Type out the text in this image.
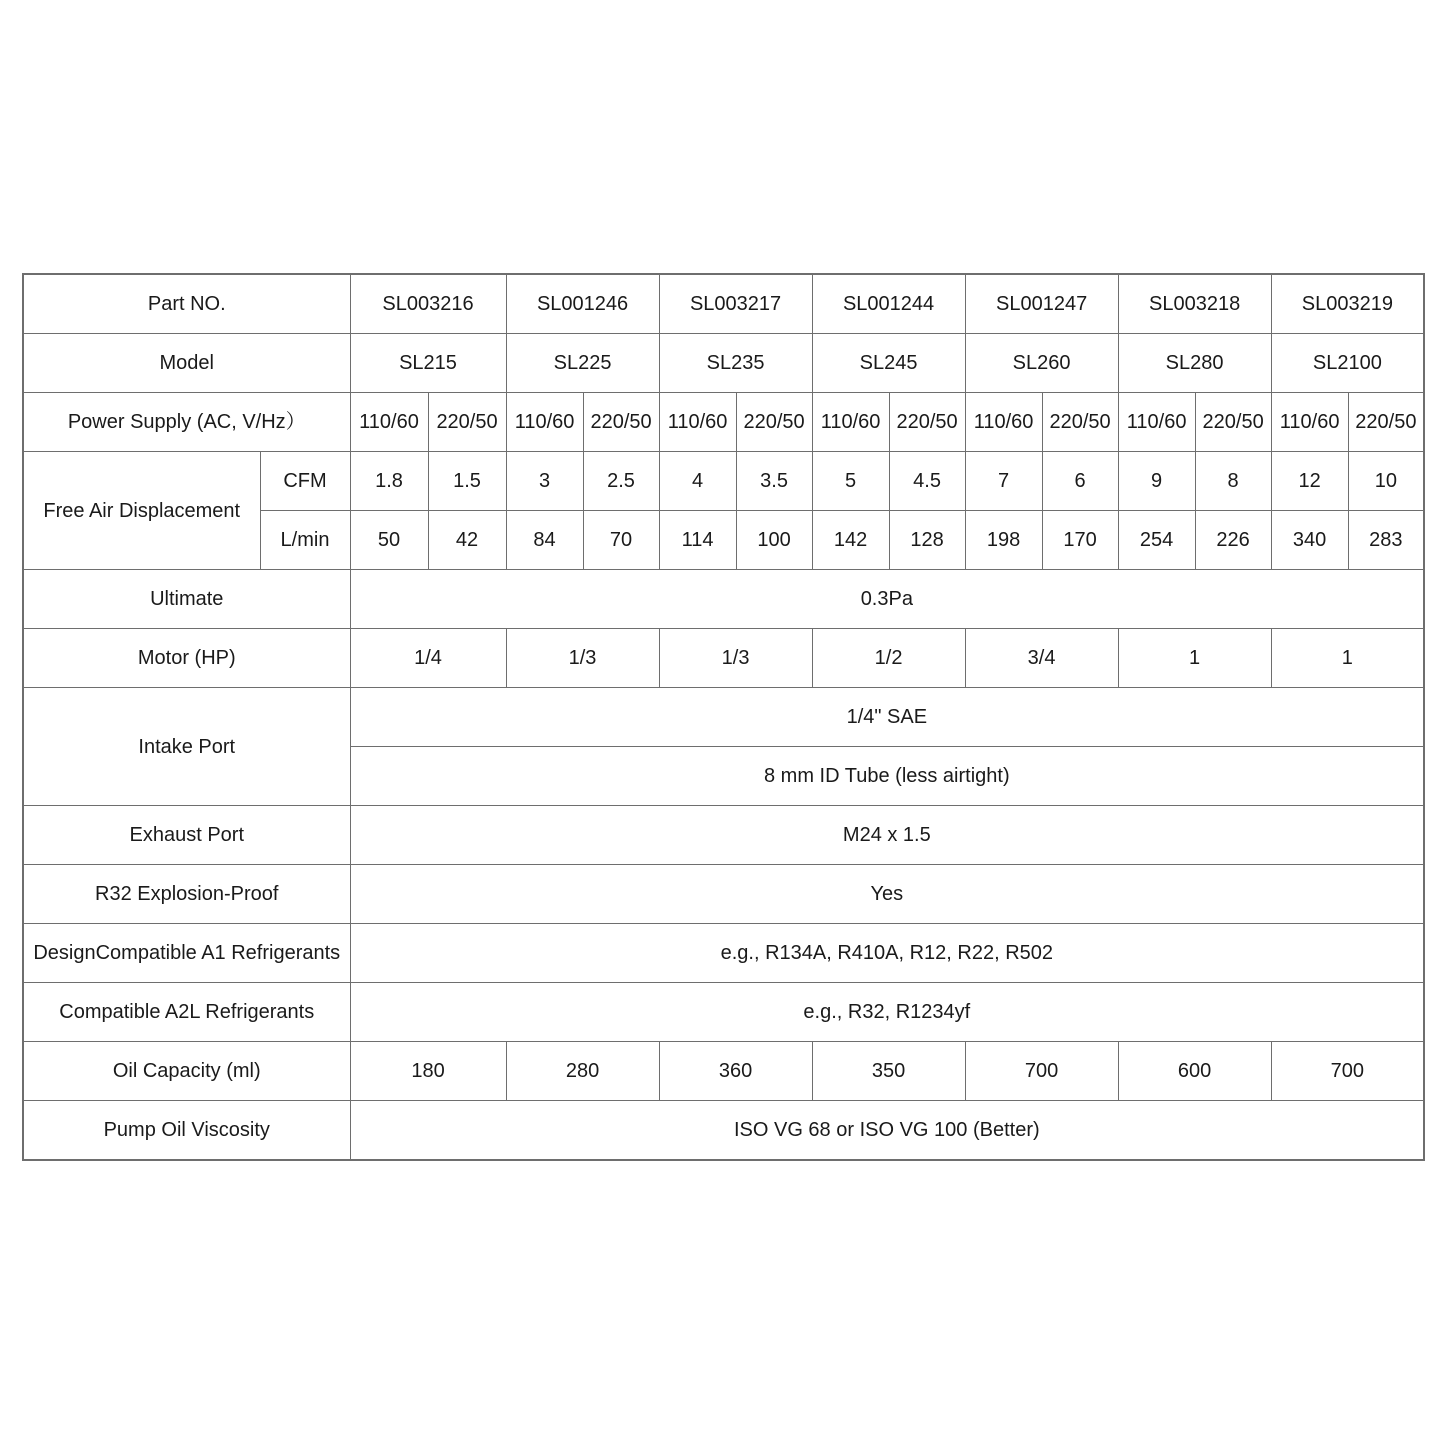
Part NO.		SL003216		SL001246		SL003217		SL001244		SL001247		SL003218		SL003219	
Model		SL215		SL225		SL235		SL245		SL260		SL280		SL2100	
Power Supply (AC, V/Hz）		110/60	220/50	110/60	220/50	110/60	220/50	110/60	220/50	110/60	220/50	110/60	220/50	110/60	220/50
Free Air Displacement	CFM	1.8	1.5	3	2.5	4	3.5	5	4.5	7	6	9	8	12	10
	L/min	50	42	84	70	114	100	142	128	198	170	254	226	340	283
Ultimate		0.3Pa													
Motor (HP)		1/4		1/3		1/3		1/2		3/4		1		1	
Intake Port		1/4" SAE													
		8 mm ID Tube (less airtight)													
Exhaust Port		M24 x 1.5													
R32 Explosion-Proof		Yes													
DesignCompatible A1 Refrigerants		e.g., R134A, R410A, R12, R22, R502													
Compatible A2L Refrigerants		e.g., R32, R1234yf													
Oil Capacity (ml)		180		280		360		350		700		600		700	
Pump Oil Viscosity		ISO VG 68 or ISO VG 100 (Better)													
